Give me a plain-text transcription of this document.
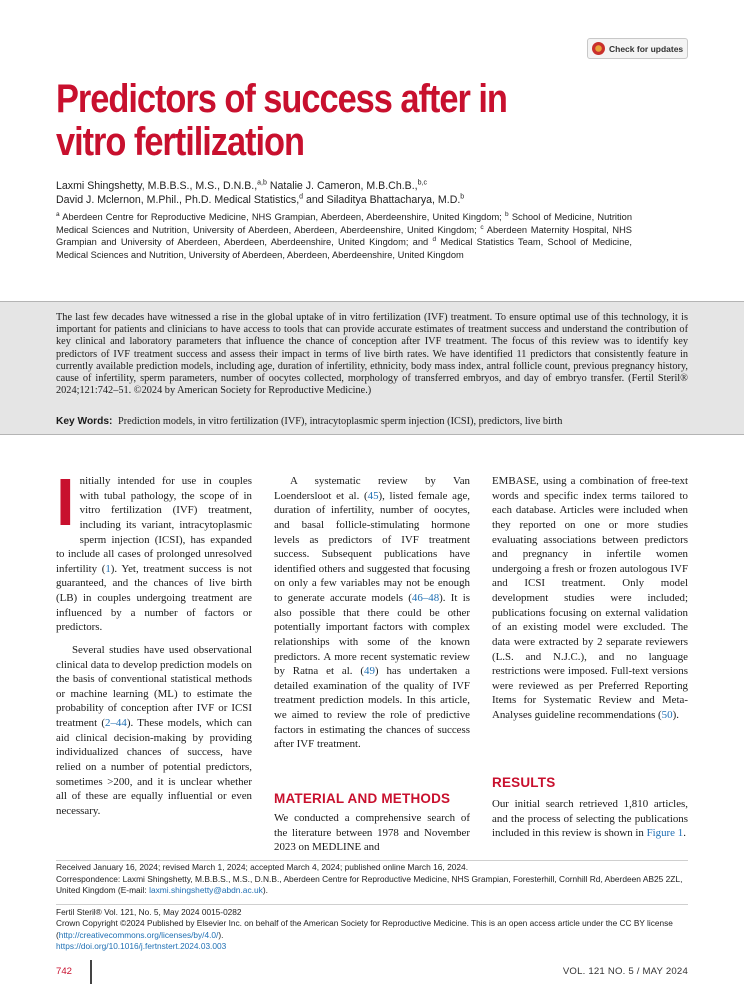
Check for updates
Predictors of success after in vitro fertilization
Laxmi Shingshetty, M.B.B.S., M.S., D.N.B.,$^{a,b}$ Natalie J. Cameron, M.B.Ch.B.,$^{b,c}$
David J. Mclernon, M.Phil., Ph.D. Medical Statistics,$^d$ and Siladitya Bhattacharya, M.D.$^b$
$^a$ Aberdeen Centre for Reproductive Medicine, NHS Grampian, Aberdeen, Aberdeenshire, United Kingdom; $^b$ School of Medicine, Nutrition Medical Sciences and Nutrition, University of Aberdeen, Aberdeen, Aberdeenshire, United Kingdom; $^c$ Aberdeen Maternity Hospital, NHS Grampian and University of Aberdeen, Aberdeen, Aberdeenshire, United Kingdom; and $^d$ Medical Statistics Team, School of Medicine, Medical Sciences and Nutrition, University of Aberdeen, Aberdeen, Aberdeenshire, United Kingdom

The last few decades have witnessed a rise in the global uptake of in vitro fertilization (IVF) treatment. To ensure optimal use of this technology, it is important for patients and clinicians to have access to tools that can provide accurate estimates of treatment success and understand the contribution of key clinical and laboratory parameters that influence the chance of conception after IVF treatment. The focus of this review was to identify key predictors of IVF treatment success and assess their impact in terms of live birth rates. We have identified 11 predictors that consistently feature in currently available prediction models, including age, duration of infertility, ethnicity, body mass index, antral follicle count, previous pregnancy history, cause of infertility, sperm parameters, number of oocytes collected, morphology of transferred embryos, and day of embryo transfer. (Fertil Steril® 2024;121:742–51. ©2024 by American Society for Reproductive Medicine.)

Key Words: Prediction models, in vitro fertilization (IVF), intracytoplasmic sperm injection (ICSI), predictors, live birth

Initially intended for use in couples with tubal pathology, the scope of in vitro fertilization (IVF) treatment, including its variant, intracytoplasmic sperm injection (ICSI), has expanded to include all cases of prolonged unresolved infertility (1). Yet, treatment success is not guaranteed, and the chances of live birth (LB) in couples undergoing treatment are influenced by a number of factors or predictors.

Several studies have used observational clinical data to develop prediction models on the basis of conventional statistical methods or machine learning (ML) to estimate the probability of conception after IVF or ICSI treatment (2–44). These models, which can aid clinical decision-making by providing individualized chances of success, have relied on a number of potential predictors, sometimes >200, and it is unclear whether all of these are equally influential or even necessary.

A systematic review by Van Loendersloot et al. (45), listed female age, duration of infertility, number of oocytes, and basal follicle-stimulating hormone levels as predictors of IVF treatment success. Subsequent publications have identified others and suggested that focusing on only a few variables may not be enough to generate accurate models (46–48). It is also possible that there could be other potentially important factors with complex relationships with some of the known predictors. A more recent systematic review by Ratna et al. (49) has undertaken a detailed examination of the quality of IVF treatment prediction models. In this article, we aimed to review the role of predictive factors in estimating the chances of success after IVF treatment.

MATERIAL AND METHODS

We conducted a comprehensive search of the literature between 1978 and November 2023 on MEDLINE and

EMBASE, using a combination of free-text words and specific index terms tailored to each database. Articles were included when they reported on one or more studies evaluating associations between predictors and pregnancy in infertile women undergoing a fresh or frozen autologous IVF and ICSI treatment. Only model development studies were included; publications focusing on external validation of an existing model were excluded. The data were extracted by 2 separate reviewers (L.S. and N.J.C.), and no language restrictions were imposed. Full-text versions were reviewed as per Preferred Reporting Items for Systematic Review and Meta-Analyses guideline recommendations (50).

RESULTS

Our initial search retrieved 1,810 articles, and the process of selecting the publications included in this review is shown in Figure 1.

Received January 16, 2024; revised March 1, 2024; accepted March 4, 2024; published online March 16, 2024.
Correspondence: Laxmi Shingshetty, M.B.B.S., M.S., D.N.B., Aberdeen Centre for Reproductive Medicine, NHS Grampian, Foresterhill, Cornhill Rd, Aberdeen AB25 2ZL, United Kingdom (E-mail: laxmi.shingshetty@abdn.ac.uk).
Fertil Steril® Vol. 121, No. 5, May 2024 0015-0282
Crown Copyright ©2024 Published by Elsevier Inc. on behalf of the American Society for Reproductive Medicine. This is an open access article under the CC BY license (http://creativecommons.org/licenses/by/4.0/).
https://doi.org/10.1016/j.fertnstert.2024.03.003
742	VOL. 121 NO. 5 / MAY 2024
